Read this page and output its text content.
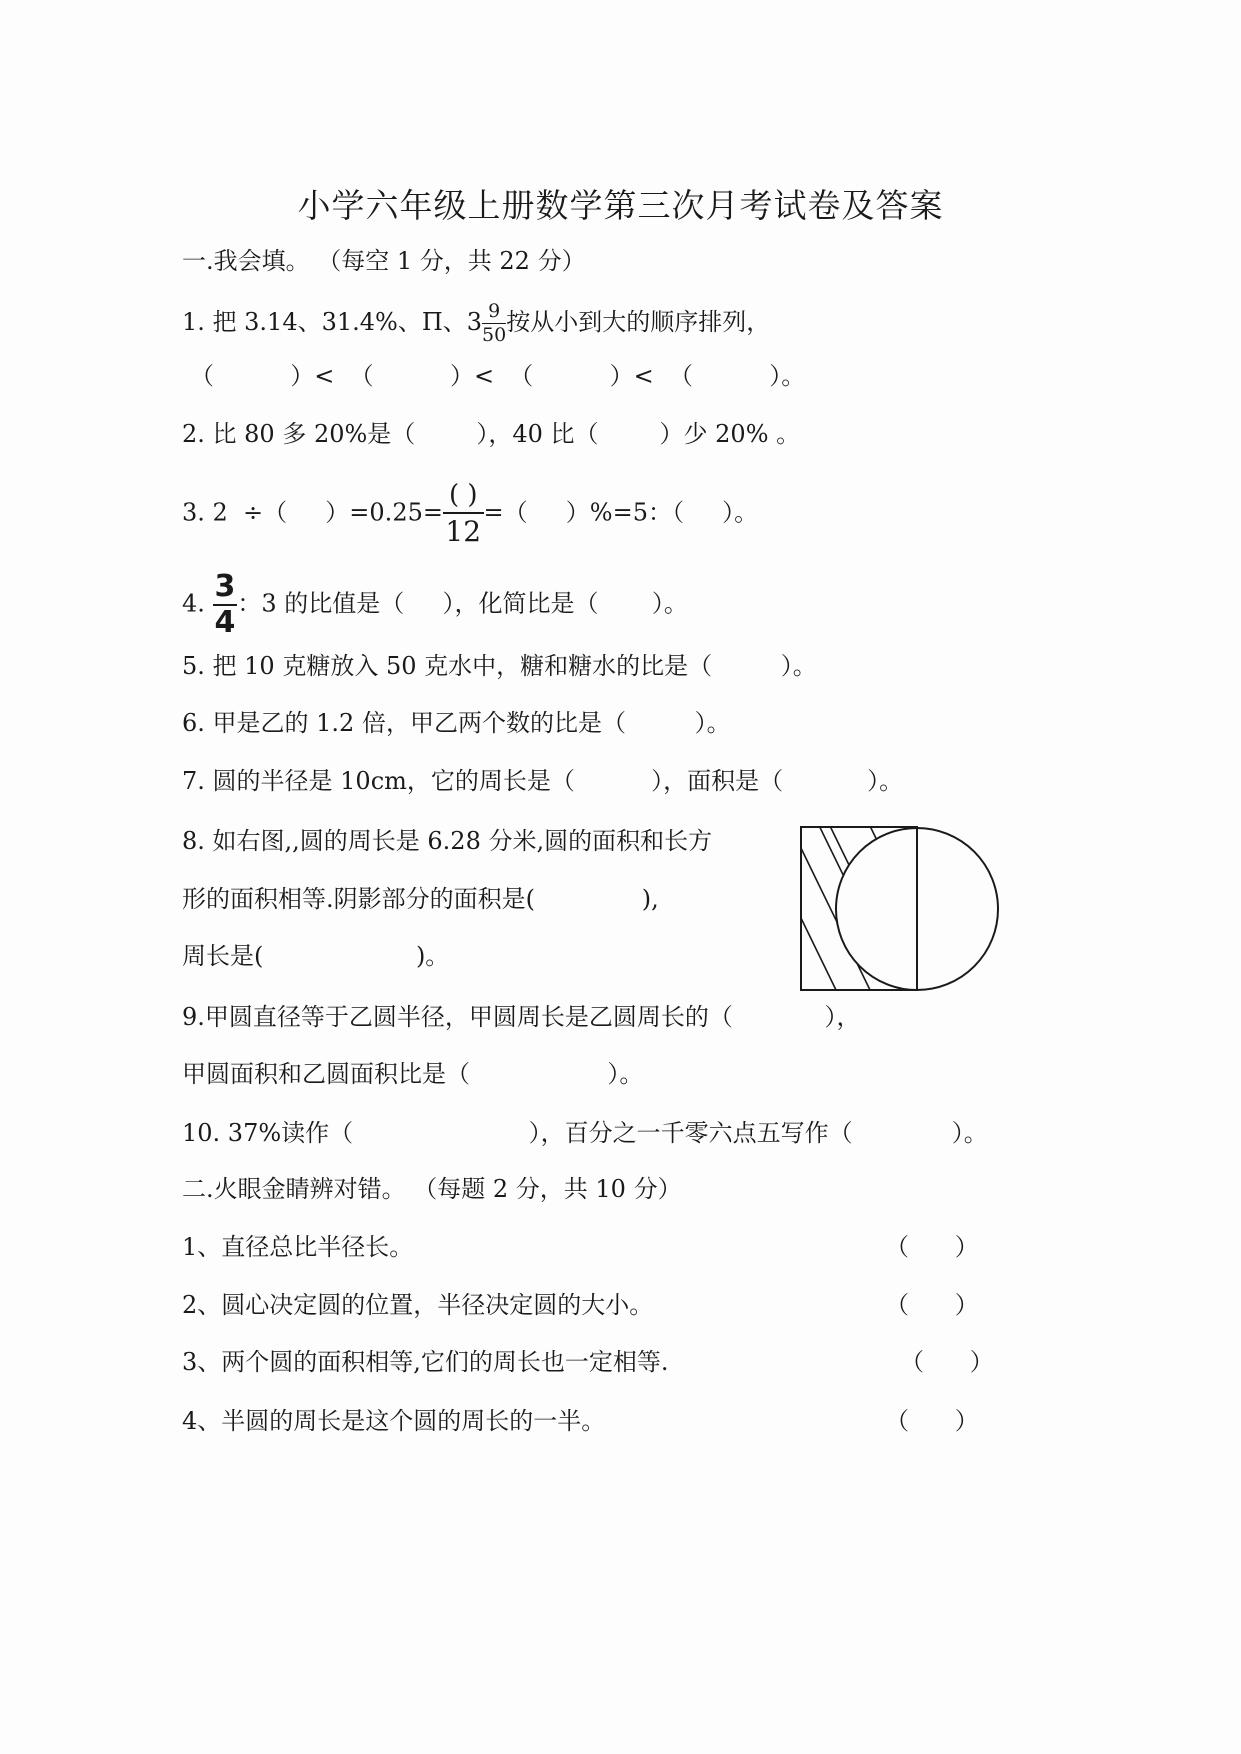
小学六年级上册数学第三次月考试卷及答案
一.我会填。 （每空 1 分，共 22 分）
1. 把 3.14、31.4%、Π、$3 \frac{9}{50}$ 按从小到大的顺序排列，
（          ）<  （          ）<  （          ）<  （          ）。
2. 比 80 多 20%是（        ），40 比（        ）少 20% 。
3. 2  ÷（     ）$=0.25= \frac{( )}{12}$ =（     ）%=5：（     ）。
4. $\frac{3}{4}$ ：3 的比值是（     ），化简比是（       ）。
5. 把 10 克糖放入 50 克水中，糖和糖水的比是（         ）。
6. 甲是乙的 1.2 倍，甲乙两个数的比是（         ）。
7. 圆的半径是 10cm，它的周长是（          ），面积是（           ）。
8. 如右图,,圆的周长是 6.28 分米,圆的面积和长方
形的面积相等.阴影部分的面积是(              ),
周长是(                    )。
9.甲圆直径等于乙圆半径，甲圆周长是乙圆周长的（            ），
甲圆面积和乙圆面积比是（                  ）。
10. 37%读作（                       ），百分之一千零六点五写作（             ）。
二.火眼金睛辨对错。 （每题 2 分，共 10 分）
1、直径总比半径长。	（      ）
2、圆心决定圆的位置，半径决定圆的大小。	（      ）
3、两个圆的面积相等,它们的周长也一定相等.	（      ）
4、半圆的周长是这个圆的周长的一半。	（      ）
